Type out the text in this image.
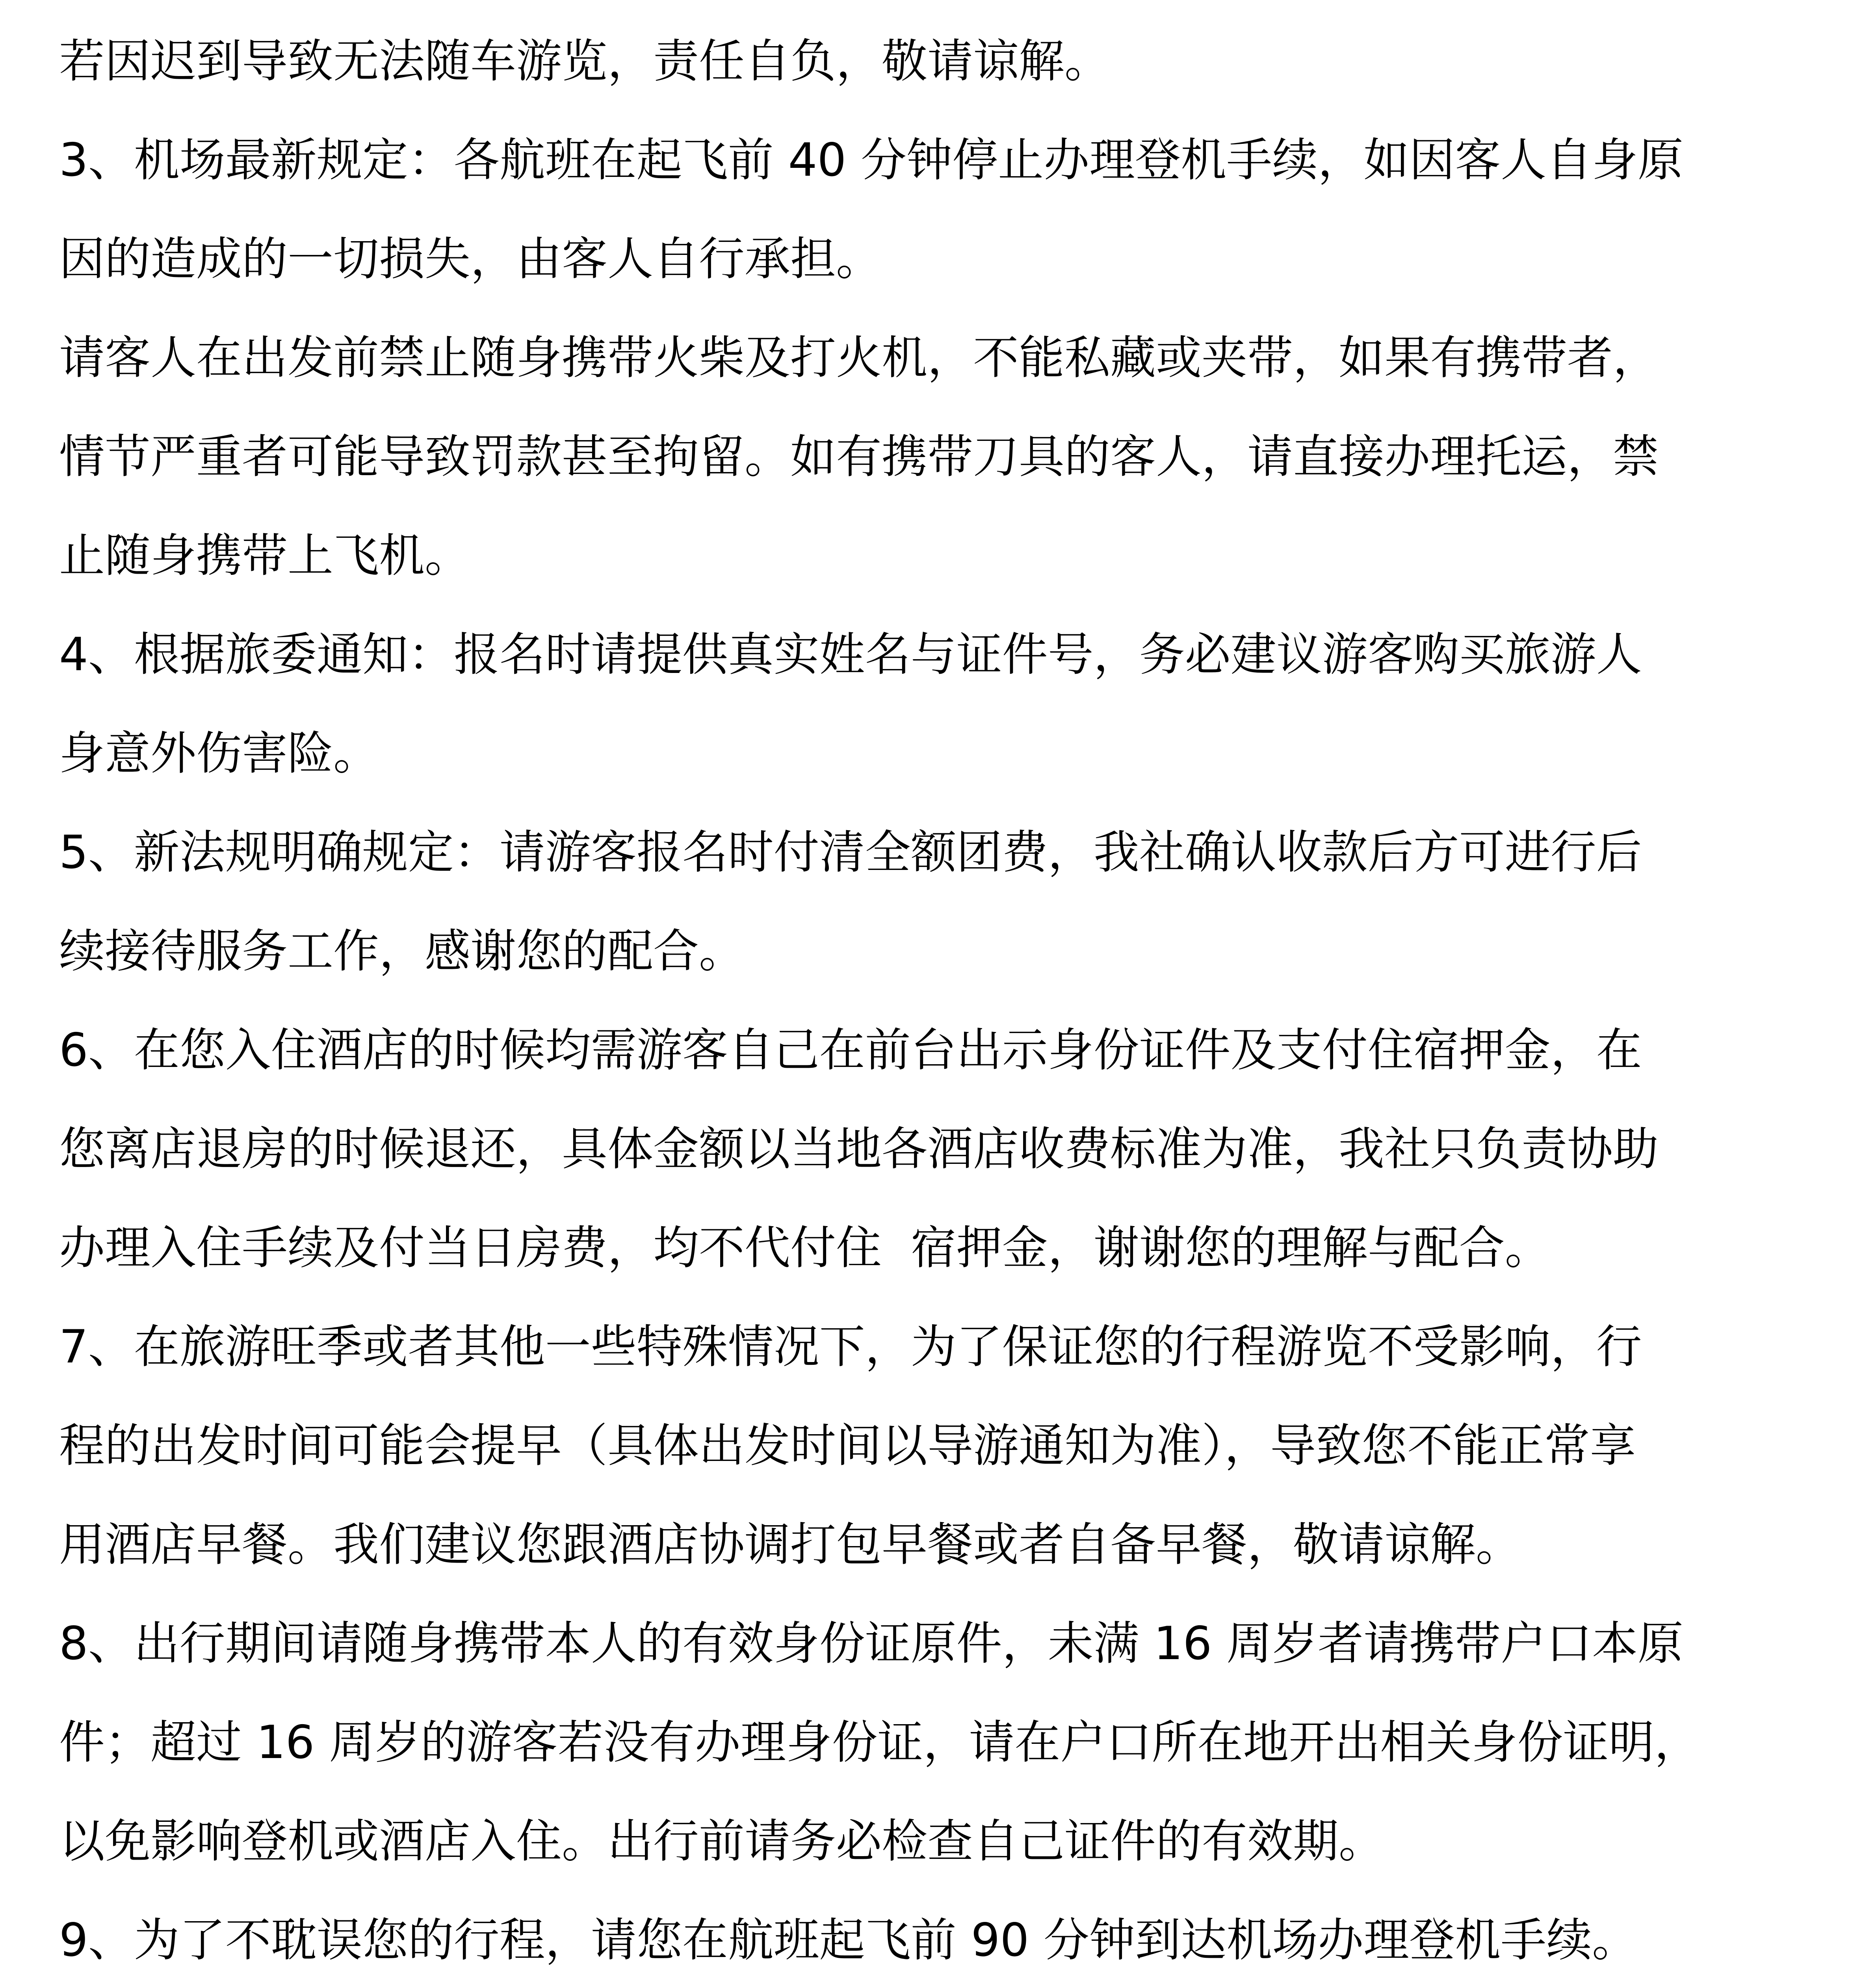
若因迟到导致无法随车游览，责任自负，敬请谅解。
3、机场最新规定：各航班在起飞前 40 分钟停止办理登机手续，如因客人自身原
因的造成的一切损失，由客人自行承担。
请客人在出发前禁止随身携带火柴及打火机，不能私藏或夹带，如果有携带者，
情节严重者可能导致罚款甚至拘留。如有携带刀具的客人，请直接办理托运，禁
止随身携带上飞机。
4、根据旅委通知：报名时请提供真实姓名与证件号，务必建议游客购买旅游人
身意外伤害险。
5、新法规明确规定：请游客报名时付清全额团费，我社确认收款后方可进行后
续接待服务工作，感谢您的配合。
6、在您入住酒店的时候均需游客自己在前台出示身份证件及支付住宿押金，在
您离店退房的时候退还，具体金额以当地各酒店收费标准为准，我社只负责协助
办理入住手续及付当日房费，均不代付住  宿押金，谢谢您的理解与配合。
7、在旅游旺季或者其他一些特殊情况下，为了保证您的行程游览不受影响，行
程的出发时间可能会提早（具体出发时间以导游通知为准），导致您不能正常享
用酒店早餐。我们建议您跟酒店协调打包早餐或者自备早餐，敬请谅解。
8、出行期间请随身携带本人的有效身份证原件，未满 16 周岁者请携带户口本原
件；超过 16 周岁的游客若没有办理身份证，请在户口所在地开出相关身份证明，
以免影响登机或酒店入住。出行前请务必检查自己证件的有效期。
9、为了不耽误您的行程，请您在航班起飞前 90 分钟到达机场办理登机手续。
